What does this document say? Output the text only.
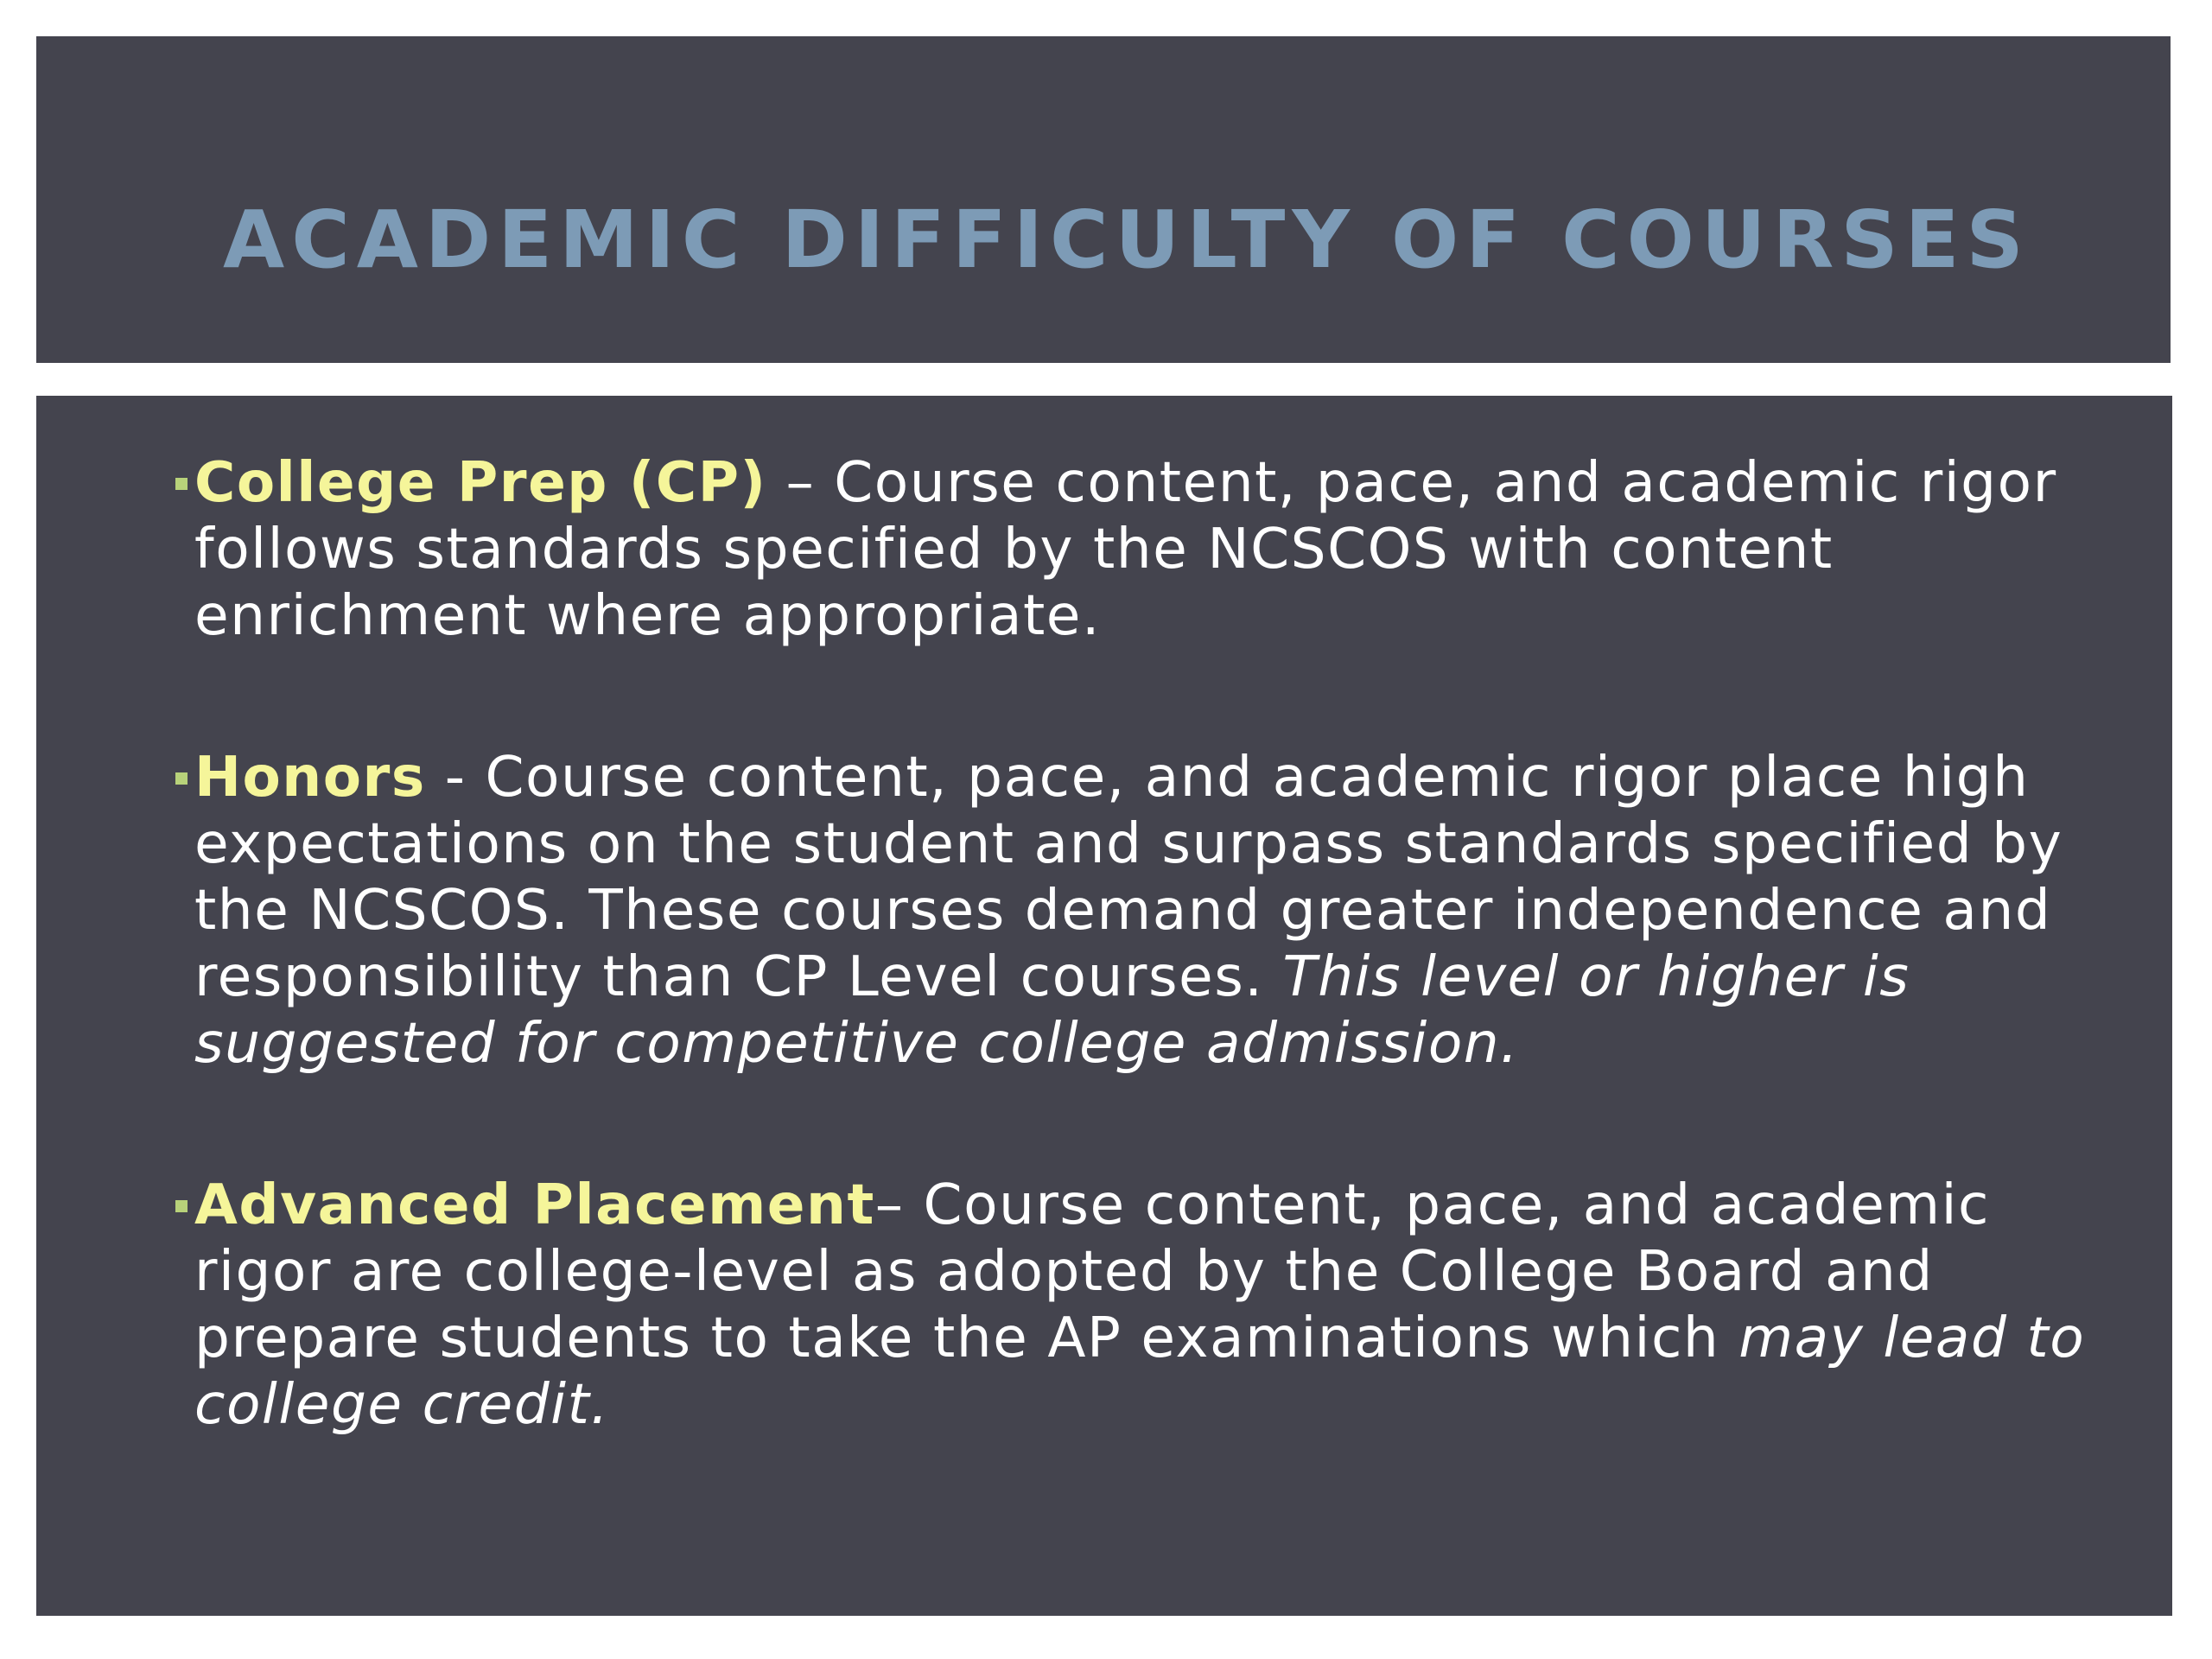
ACADEMIC DIFFICULTY OF COURSES
College Prep (CP) – Course content, pace, and academic rigor follows standards specified by the NCSCOS with content enrichment where appropriate.
Honors - Course content, pace, and academic rigor place high expectations on the student and surpass standards specified by the NCSCOS. These courses demand greater independence and responsibility than CP Level courses. This level or higher is suggested for competitive college admission.
Advanced Placement– Course content, pace, and academic rigor are college-level as adopted by the College Board and prepare students to take the AP examinations which may lead to college credit.
